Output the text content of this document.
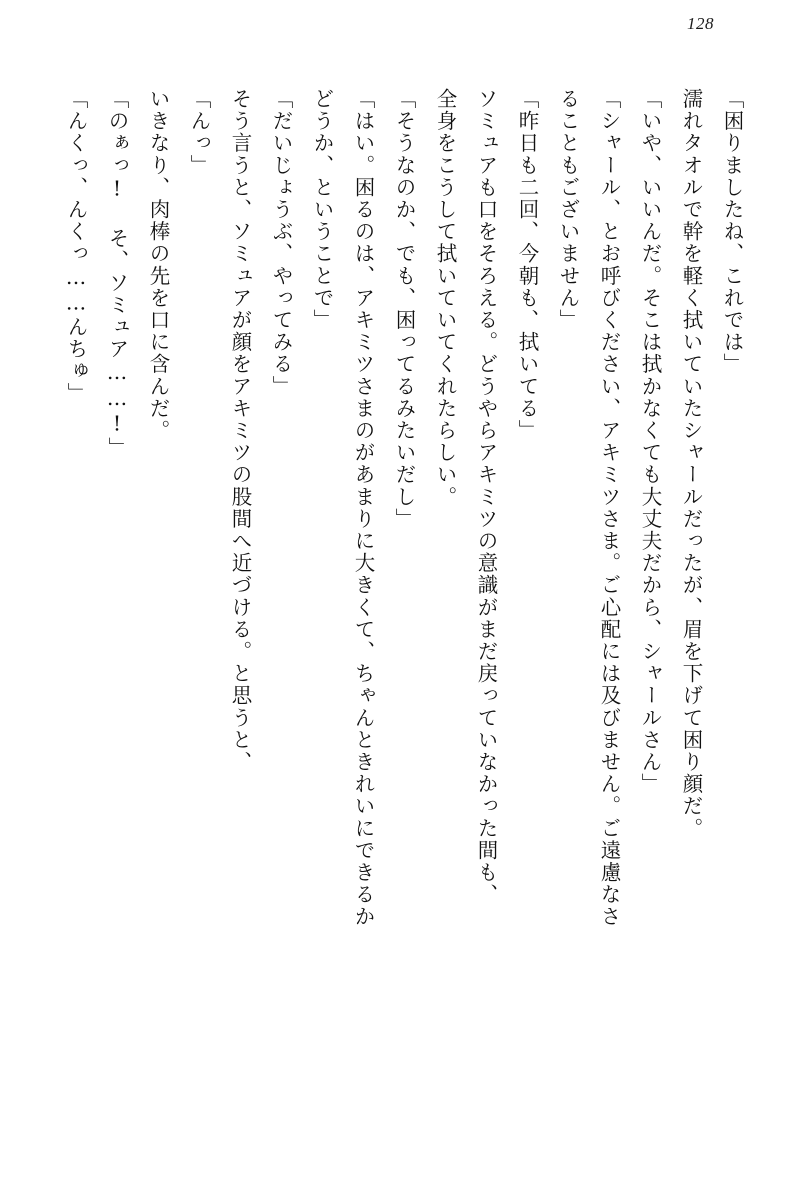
128

「困りましたね、これでは」

濡れタオルで幹を軽く拭いていたシャールだったが、眉を下げて困り顔だ。

「いや、いいんだ。そこは拭かなくても大丈夫だから、シャールさん」

「シャール、とお呼びください、アキミツさま。ご心配には及びません。ご遠慮なさ

ることもございません」

「昨日も二回、今朝も、拭いてる」

ソミュアも口をそろえる。どうやらアキミツの意識がまだ戻っていなかった間も、

全身をこうして拭いていてくれたらしい。

「そうなのか、でも、困ってるみたいだし」

「はい。困るのは、アキミツさまのがあまりに大きくて、ちゃんときれいにできるか

どうか、ということで」

「だいじょうぶ、やってみる」

そう言うと、ソミュアが顔をアキミツの股間へ近づける。と思うと、

「んっ」

いきなり、肉棒の先を口に含んだ。

「のぁっ! そ、ソミュア……!」

「んくっ、んくっ……んちゅ」
